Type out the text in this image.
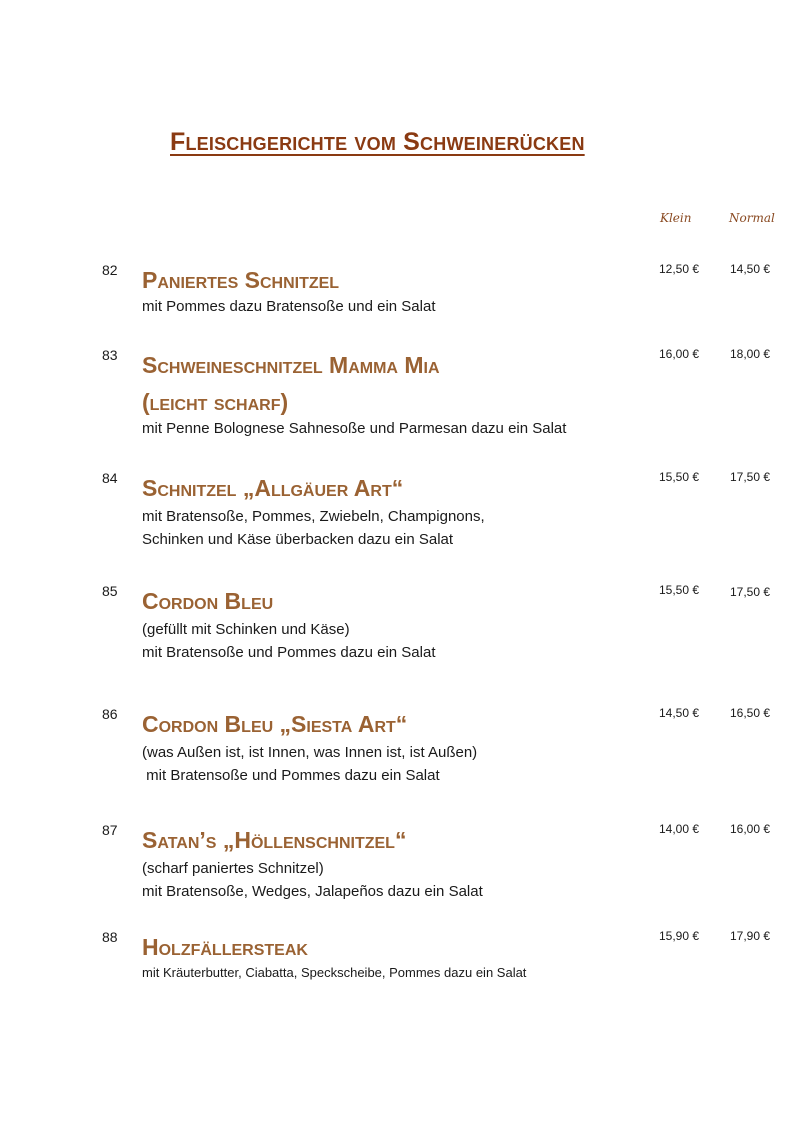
Fleischgerichte vom Schweinerücken
Klein	Normal
82 Paniertes Schnitzel

mit Pommes dazu Bratensoße und ein Salat

12,50 €	14,50 €
83 Schweineschnitzel Mamma Mia

(leicht scharf)

mit Penne Bolognese Sahnesoße und Parmesan dazu ein Salat

16,00 €	18,00 €
84 Schnitzel „Allgäuer Art“

mit Bratensoße, Pommes, Zwiebeln, Champignons,
Schinken und Käse überbacken dazu ein Salat

15,50 €	17,50 €
85 Cordon Bleu

(gefüllt mit Schinken und Käse)
mit Bratensoße und Pommes dazu ein Salat

15,50 €	17,50 €
86 Cordon Bleu „Siesta Art“

(was Außen ist, ist Innen, was Innen ist, ist Außen)
mit Bratensoße und Pommes dazu ein Salat

14,50 €	16,50 €
87 Satan’s „Höllenschnitzel“

(scharf paniertes Schnitzel)
mit Bratensoße, Wedges, Jalapeños dazu ein Salat

14,00 €	16,00 €
88 Holzfällersteak

mit Kräuterbutter, Ciabatta, Speckscheibe, Pommes dazu ein Salat

15,90 €	17,90 €
